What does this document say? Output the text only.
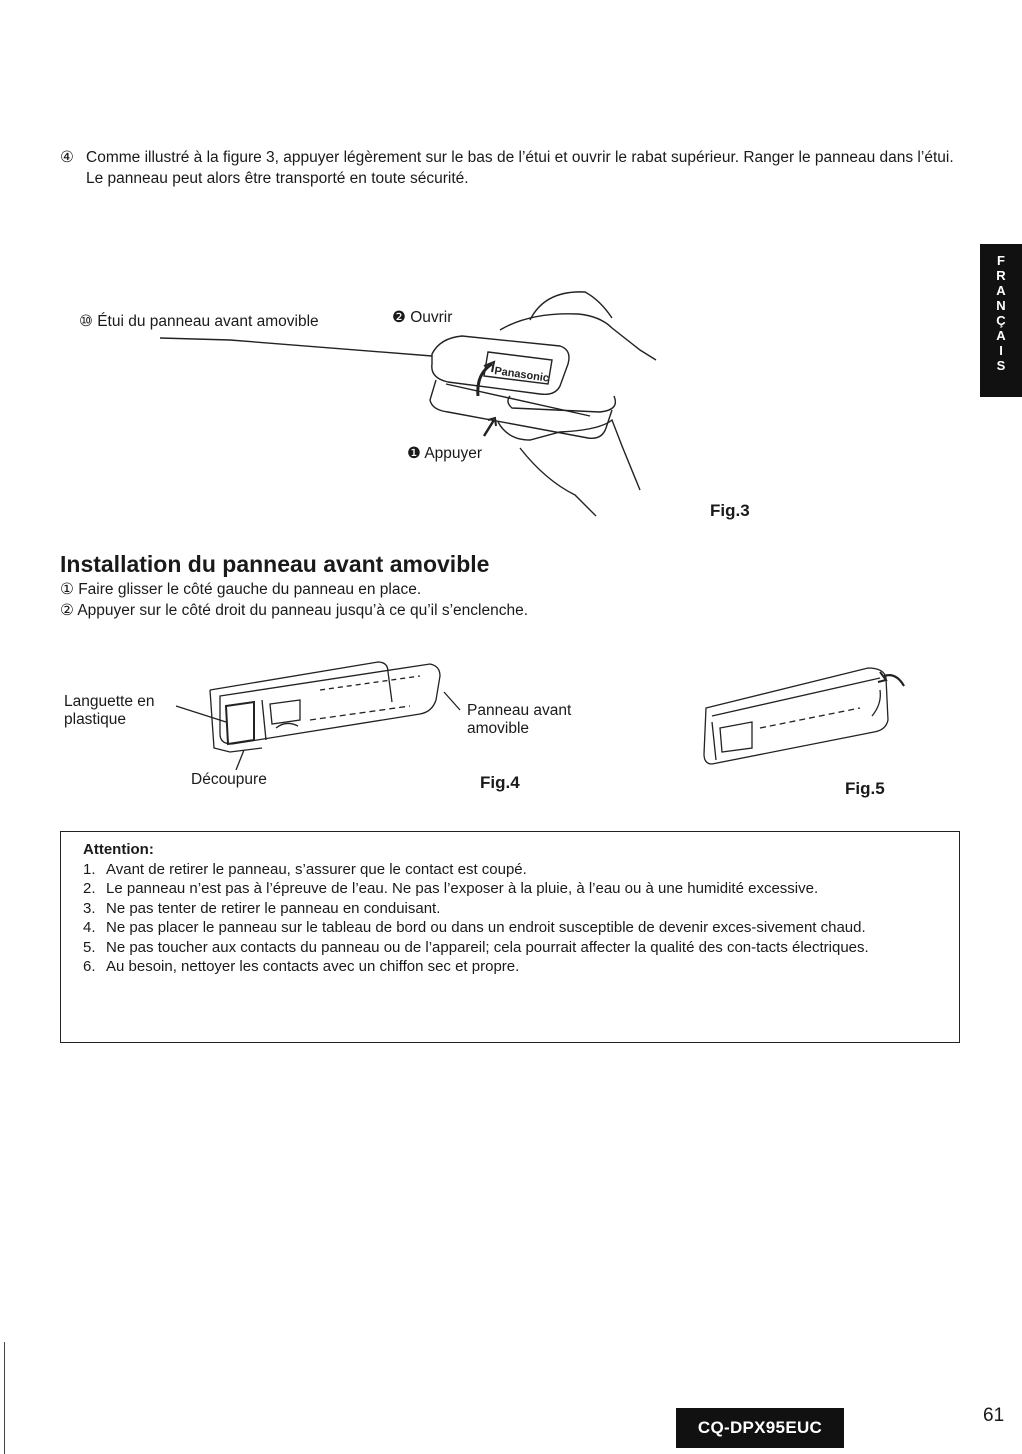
④ Comme illustré à la figure 3, appuyer légèrement sur le bas de l’étui et ouvrir le rabat supérieur. Ranger le panneau dans l’étui. Le panneau peut alors être transporté en toute sécurité.
F
R
A
N
Ç
A
I
S
⑩ Étui du panneau avant amovible	❷ Ouvrir
❶ Appuyer
Fig.3
Panasonic
Installation du panneau avant amovible
① Faire glisser le côté gauche du panneau en place.
② Appuyer sur le côté droit du panneau jusqu’à ce qu’il s’enclenche.
Languette en
plastique
Panneau avant
amovible
Découpure	Fig.4	Fig.5
Attention:
1. Avant de retirer le panneau, s’assurer que le contact est coupé.
2. Le panneau n’est pas à l’épreuve de l’eau. Ne pas l’exposer à la pluie, à l’eau ou à une humidité excessive.
3. Ne pas tenter de retirer le panneau en conduisant.
4. Ne pas placer le panneau sur le tableau de bord ou dans un endroit susceptible de devenir exces-sivement chaud.
5. Ne pas toucher aux contacts du panneau ou de l’appareil; cela pourrait affecter la qualité des con-tacts électriques.
6. Au besoin, nettoyer les contacts avec un chiffon sec et propre.
CQ-DPX95EUC
61
